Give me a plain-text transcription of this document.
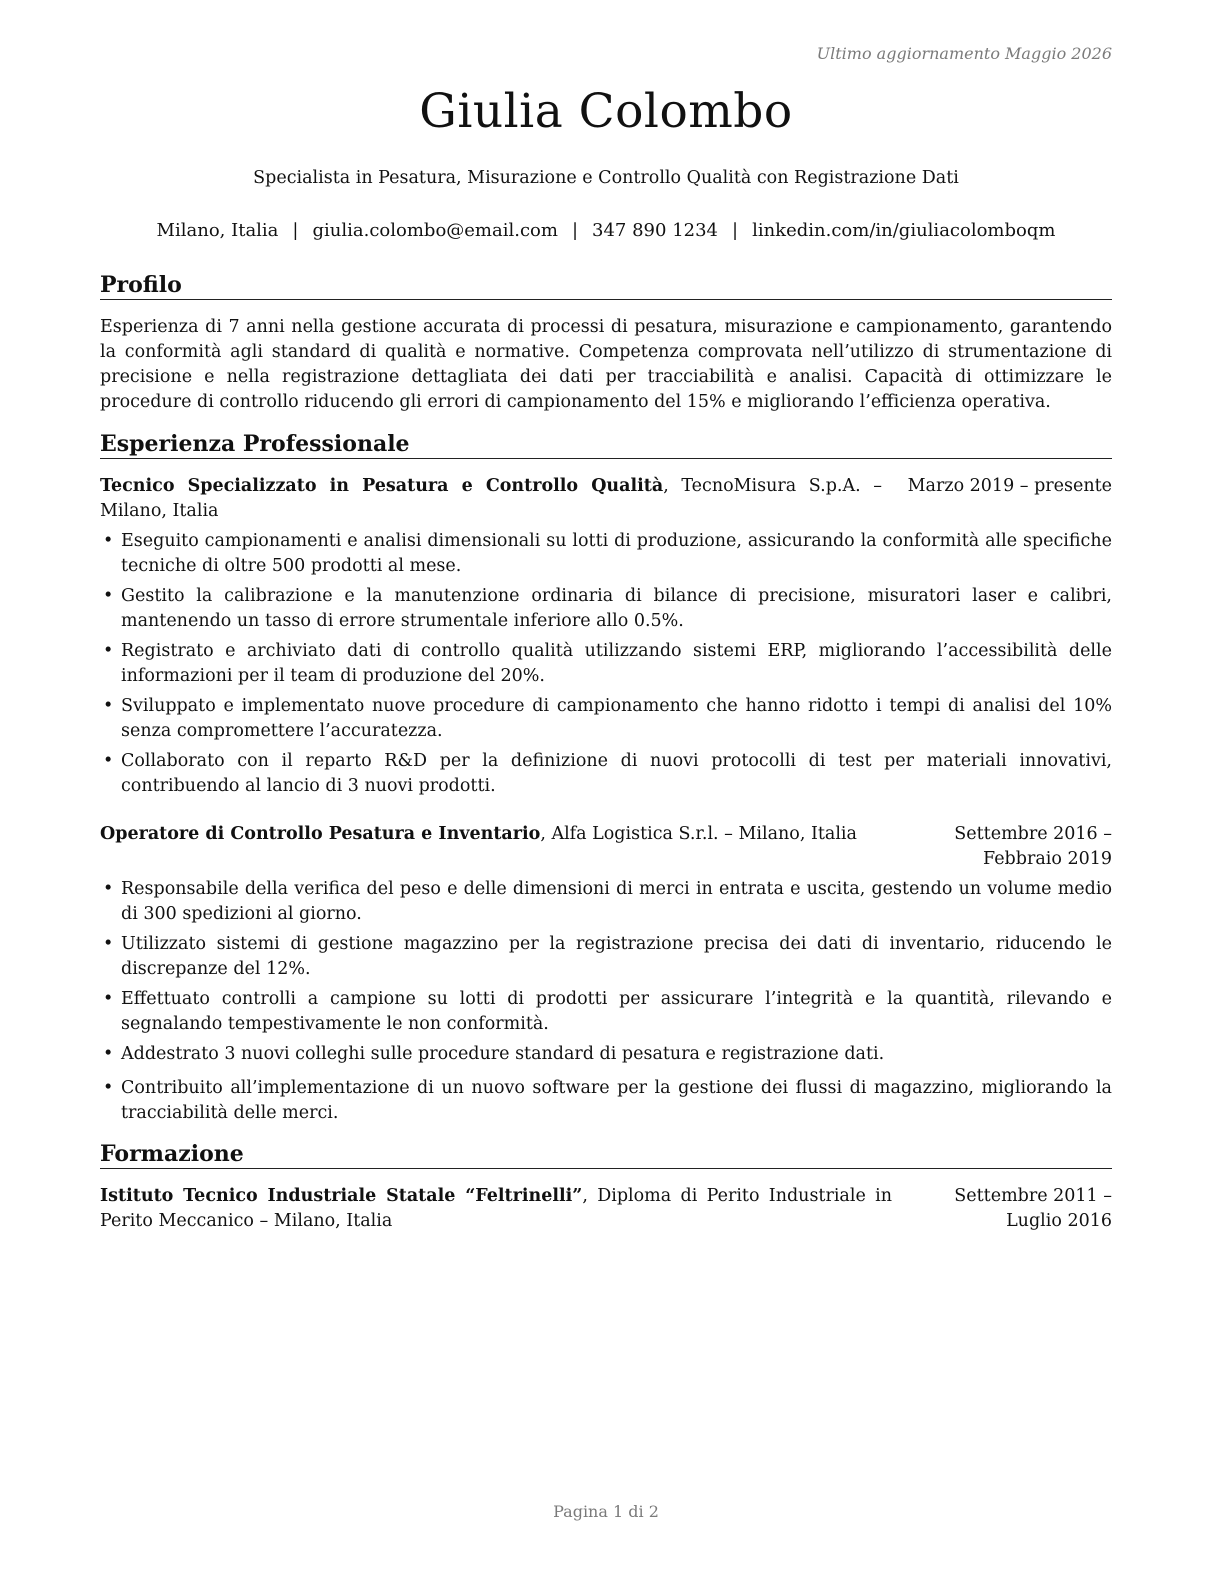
Ultimo aggiornamento Maggio 2026
Giulia Colombo
Specialista in Pesatura, Misurazione e Controllo Qualità con Registrazione Dati
Milano, Italia | giulia.colombo@email.com | 347 890 1234 | linkedin.com/in/giuliacolomboqm
Profilo
Esperienza di 7 anni nella gestione accurata di processi di pesatura, misurazione e campionamento, garantendo la conformità agli standard di qualità e normative. Competenza comprovata nell’utilizzo di strumentazione di precisione e nella registrazione dettagliata dei dati per tracciabilità e analisi. Capacità di ottimizzare le procedure di controllo riducendo gli errori di campionamento del 15% e migliorando l’efficienza operativa.
Esperienza Professionale
Tecnico Specializzato in Pesatura e Controllo Qualità, TecnoMisura S.p.A. – Milano, Italia
Marzo 2019 – presente
• Eseguito campionamenti e analisi dimensionali su lotti di produzione, assicurando la conformità alle specifiche tecniche di oltre 500 prodotti al mese.
• Gestito la calibrazione e la manutenzione ordinaria di bilance di precisione, misuratori laser e calibri, mantenendo un tasso di errore strumentale inferiore allo 0.5%.
• Registrato e archiviato dati di controllo qualità utilizzando sistemi ERP, migliorando l’accessibilità delle informazioni per il team di produzione del 20%.
• Sviluppato e implementato nuove procedure di campionamento che hanno ridotto i tempi di analisi del 10% senza compromettere l’accuratezza.
• Collaborato con il reparto R&D per la definizione di nuovi protocolli di test per materiali innovativi, contribuendo al lancio di 3 nuovi prodotti.
Operatore di Controllo Pesatura e Inventario, Alfa Logistica S.r.l. – Milano, Italia	Settembre 2016 – Febbraio 2019
• Responsabile della verifica del peso e delle dimensioni di merci in entrata e uscita, gestendo un volume medio di 300 spedizioni al giorno.
• Utilizzato sistemi di gestione magazzino per la registrazione precisa dei dati di inventario, riducendo le discrepanze del 12%.
• Effettuato controlli a campione su lotti di prodotti per assicurare l’integrità e la quantità, rilevando e segnalando tempestivamente le non conformità.
• Addestrato 3 nuovi colleghi sulle procedure standard di pesatura e registrazione dati.
• Contribuito all’implementazione di un nuovo software per la gestione dei flussi di magazzino, migliorando la tracciabilità delle merci.
Formazione
Istituto Tecnico Industriale Statale “Feltrinelli”, Diploma di Perito Industriale in Perito Meccanico – Milano, Italia
Settembre 2011 – Luglio 2016
Pagina 1 di 2
